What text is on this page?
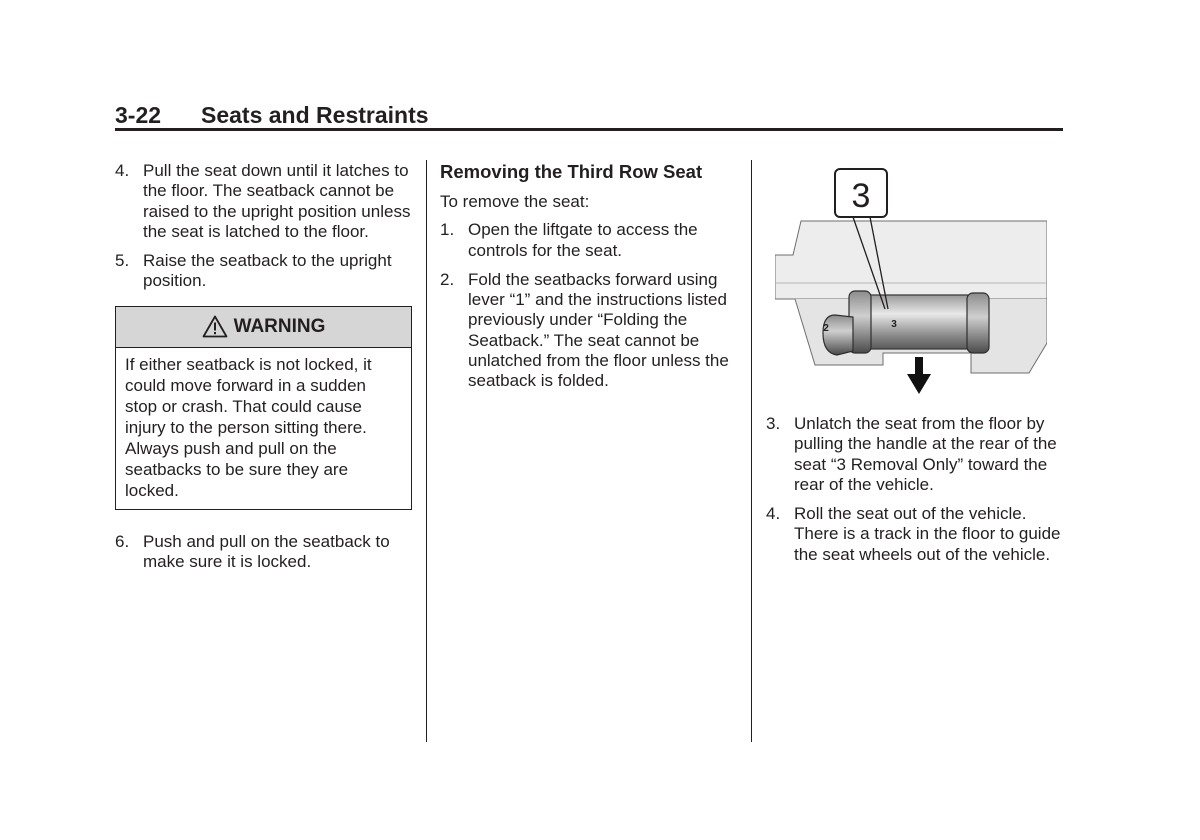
3-22 Seats and Restraints
4. Pull the seat down until it latches to the floor. The seatback cannot be raised to the upright position unless the seat is latched to the floor.
5. Raise the seatback to the upright position.
WARNING
If either seatback is not locked, it could move forward in a sudden stop or crash. That could cause injury to the person sitting there. Always push and pull on the seatbacks to be sure they are locked.
6. Push and pull on the seatback to make sure it is locked.
Removing the Third Row Seat
To remove the seat:
1. Open the liftgate to access the controls for the seat.
2. Fold the seatbacks forward using lever “1” and the instructions listed previously under “Folding the Seatback.” The seat cannot be unlatched from the floor unless the seatback is folded.
3
2	3
3. Unlatch the seat from the floor by pulling the handle at the rear of the seat “3 Removal Only” toward the rear of the vehicle.
4. Roll the seat out of the vehicle. There is a track in the floor to guide the seat wheels out of the vehicle.
